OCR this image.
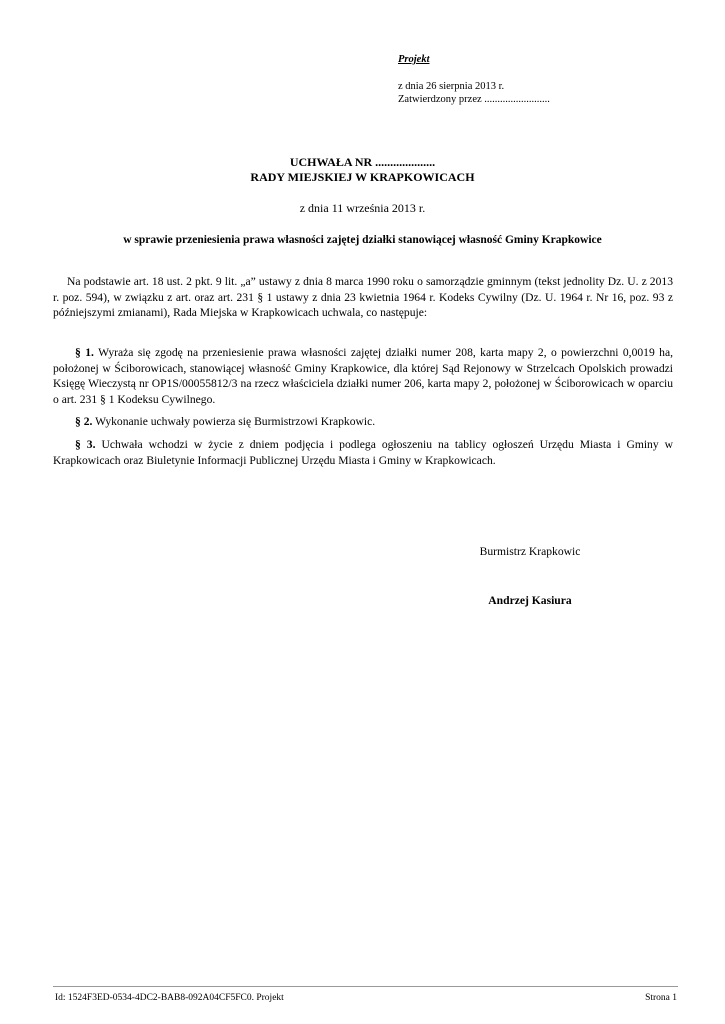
Projekt
z dnia 26 sierpnia 2013 r.
Zatwierdzony przez .........................
UCHWAŁA NR ....................
RADY MIEJSKIEJ W KRAPKOWICACH
z dnia 11 września 2013 r.
w sprawie przeniesienia prawa własności zajętej działki stanowiącej własność Gminy Krapkowice
Na podstawie art. 18 ust. 2 pkt. 9 lit. „a” ustawy z dnia 8 marca 1990 roku o samorządzie gminnym (tekst jednolity Dz. U. z 2013 r. poz. 594), w związku z art. oraz art. 231 § 1 ustawy z dnia 23 kwietnia 1964 r. Kodeks Cywilny (Dz. U. 1964 r. Nr 16, poz. 93 z późniejszymi zmianami), Rada Miejska w Krapkowicach uchwala, co następuje:
§ 1. Wyraża się zgodę na przeniesienie prawa własności zajętej działki numer 208, karta mapy 2, o powierzchni 0,0019 ha, położonej w Ściborowicach, stanowiącej własność Gminy Krapkowice, dla której Sąd Rejonowy w Strzelcach Opolskich prowadzi Księgę Wieczystą nr OP1S/00055812/3 na rzecz właściciela działki numer 206, karta mapy 2, położonej w Ściborowicach w oparciu o art. 231 § 1 Kodeksu Cywilnego.
§ 2. Wykonanie uchwały powierza się Burmistrzowi Krapkowic.
§ 3. Uchwała wchodzi w życie z dniem podjęcia i podlega ogłoszeniu na tablicy ogłoszeń Urzędu Miasta i Gminy w Krapkowicach oraz Biuletynie Informacji Publicznej Urzędu Miasta i Gminy w Krapkowicach.
Burmistrz Krapkowic
Andrzej Kasiura
Id: 1524F3ED-0534-4DC2-BAB8-092A04CF5FC0. Projekt	Strona 1
